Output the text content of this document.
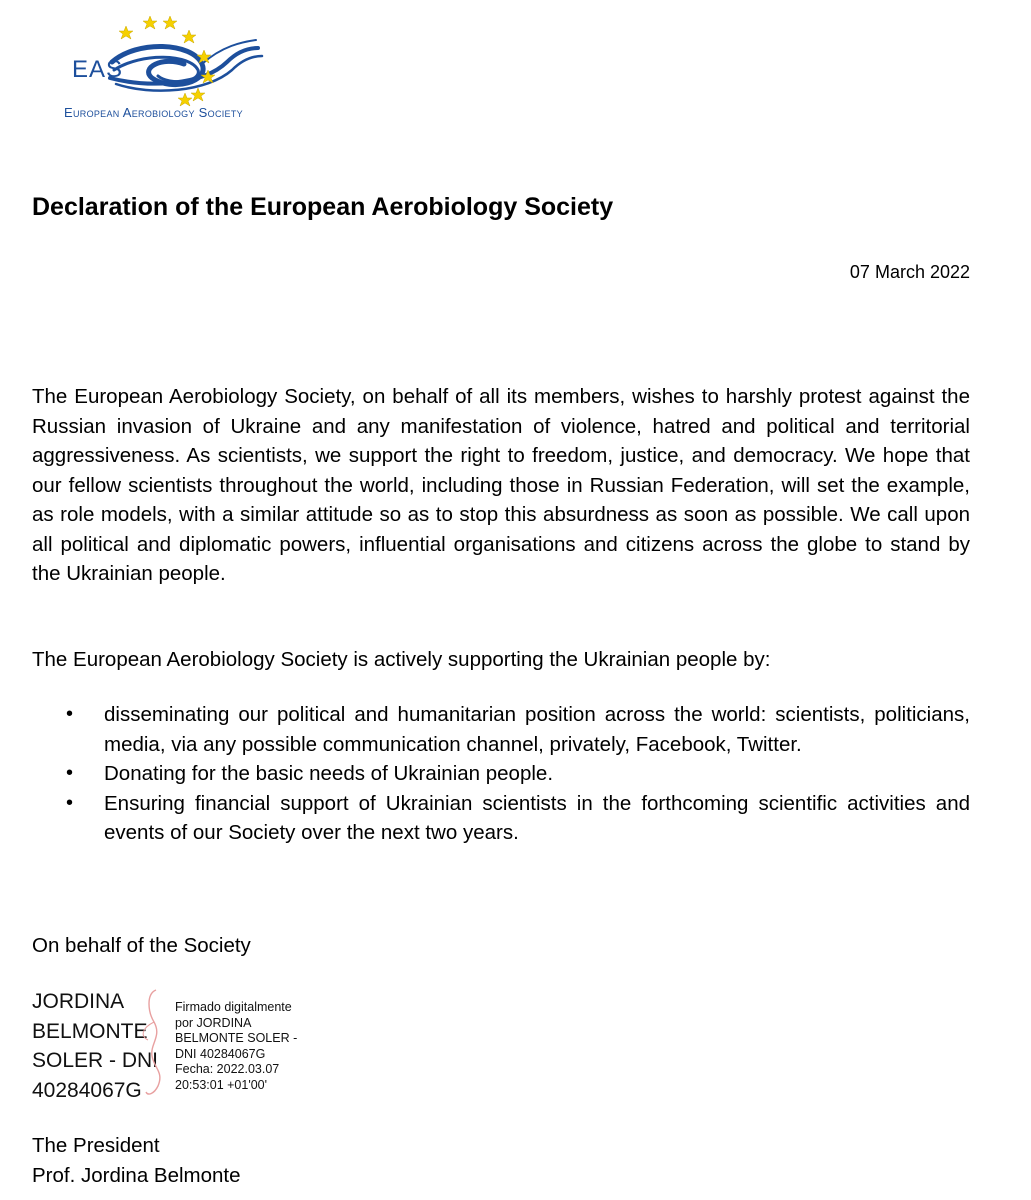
EAS
European Aerobiology Society
Declaration of the European Aerobiology Society
07 March 2022

The European Aerobiology Society, on behalf of all its members, wishes to harshly protest against the Russian invasion of Ukraine and any manifestation of violence, hatred and political and territorial aggressiveness. As scientists, we support the right to freedom, justice, and democracy. We hope that our fellow scientists throughout the world, including those in Russian Federation, will set the example, as role models, with a similar attitude so as to stop this absurdness as soon as possible. We call upon all political and diplomatic powers, influential organisations and citizens across the globe to stand by the Ukrainian people.

The European Aerobiology Society is actively supporting the Ukrainian people by:

• disseminating our political and humanitarian position across the world: scientists, politicians, media, via any possible communication channel, privately, Facebook, Twitter.
• Donating for the basic needs of Ukrainian people.
• Ensuring financial support of Ukrainian scientists in the forthcoming scientific activities and events of our Society over the next two years.
On behalf of the Society
JORDINA
BELMONTE
SOLER - DNI
40284067G
Firmado digitalmente
por JORDINA
BELMONTE SOLER -
DNI 40284067G
Fecha: 2022.03.07
20:53:01 +01'00'
The President
Prof. Jordina Belmonte
